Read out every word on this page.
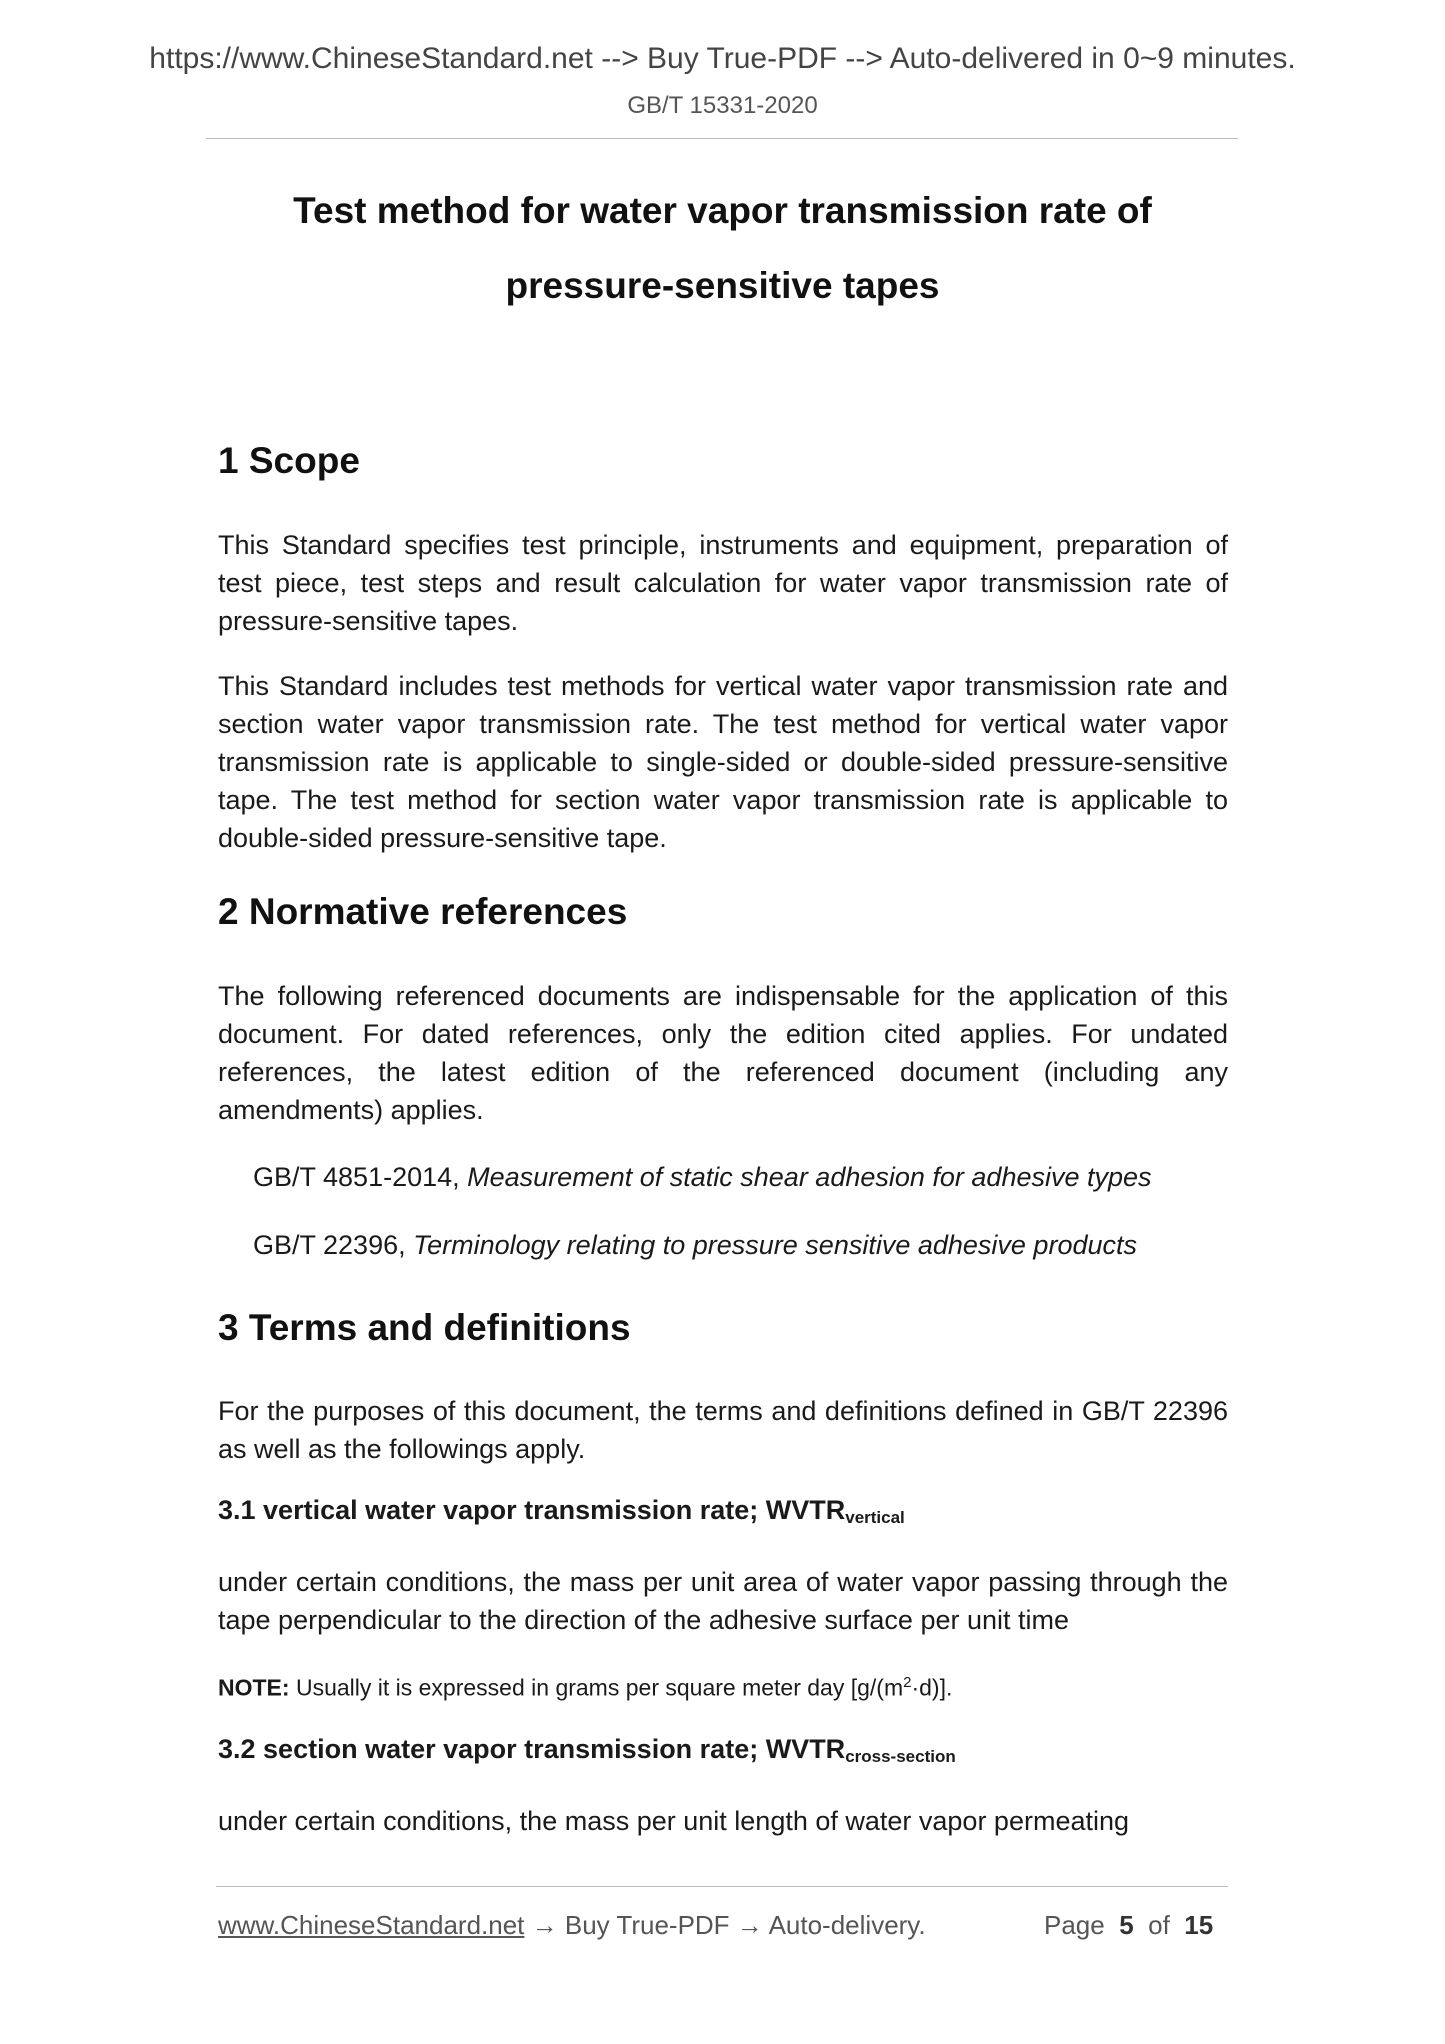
https://www.ChineseStandard.net --> Buy True-PDF --> Auto-delivered in 0~9 minutes.
GB/T 15331-2020
Test method for water vapor transmission rate of
pressure-sensitive tapes
1 Scope

This Standard specifies test principle, instruments and equipment, preparation of test piece, test steps and result calculation for water vapor transmission rate of pressure-sensitive tapes.

This Standard includes test methods for vertical water vapor transmission rate and section water vapor transmission rate. The test method for vertical water vapor transmission rate is applicable to single-sided or double-sided pressure-sensitive tape. The test method for section water vapor transmission rate is applicable to double-sided pressure-sensitive tape.

2 Normative references

The following referenced documents are indispensable for the application of this document. For dated references, only the edition cited applies. For undated references, the latest edition of the referenced document (including any amendments) applies.

GB/T 4851-2014, Measurement of static shear adhesion for adhesive types
GB/T 22396, Terminology relating to pressure sensitive adhesive products
3 Terms and definitions

For the purposes of this document, the terms and definitions defined in GB/T 22396 as well as the followings apply.

3.1 vertical water vapor transmission rate; $WVTR_{vertical}$

under certain conditions, the mass per unit area of water vapor passing through the tape perpendicular to the direction of the adhesive surface per unit time

NOTE: Usually it is expressed in grams per square meter day $[g/(m^2\cdot d)]$.
3.2 section water vapor transmission rate; $WVTR_{cross-section}$

under certain conditions, the mass per unit length of water vapor permeating

www.ChineseStandard.net → Buy True-PDF → Auto-delivery.	Page 5 of 15
